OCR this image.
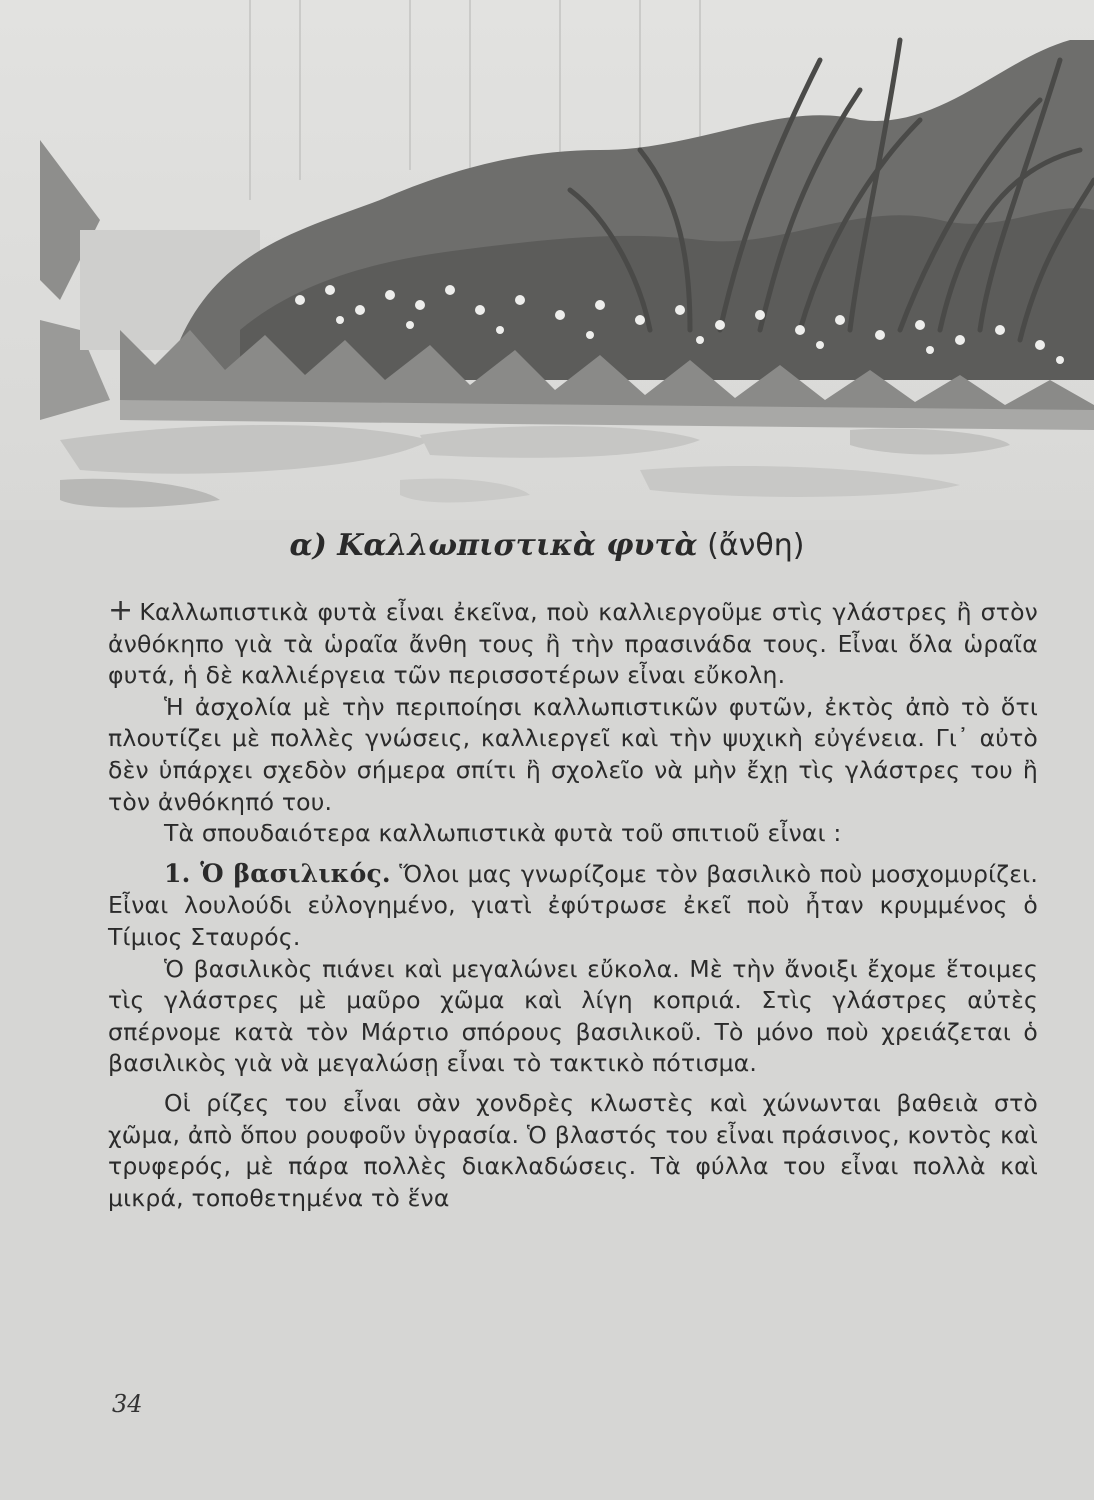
α) Καλλωπιστικὰ φυτὰ (ἄνθη)

+ Καλλωπιστικὰ φυτὰ εἶναι ἐκεῖνα, ποὺ καλλιεργοῦμε στὶς γλάστρες ἢ στὸν ἀνθόκηπο γιὰ τὰ ὡραῖα ἄνθη τους ἢ τὴν πρασινάδα τους. Εἶναι ὅλα ὡραῖα φυτά, ἡ δὲ καλλιέργεια τῶν περισσοτέρων εἶναι εὔκολη.

Ἡ ἀσχολία μὲ τὴν περιποίησι καλλωπιστικῶν φυτῶν, ἐκτὸς ἀπὸ τὸ ὅτι πλουτίζει μὲ πολλὲς γνώσεις, καλλιεργεῖ καὶ τὴν ψυχικὴ εὐγένεια. Γι᾽ αὐτὸ δὲν ὑπάρχει σχεδὸν σήμερα σπίτι ἢ σχολεῖο νὰ μὴν ἔχῃ τὶς γλάστρες του ἢ τὸν ἀνθόκηπό του.

Τὰ σπουδαιότερα καλλωπιστικὰ φυτὰ τοῦ σπιτιοῦ εἶναι :

1. Ὁ βασιλικός. Ὅλοι μας γνωρίζομε τὸν βασιλικὸ ποὺ μοσχομυρίζει. Εἶναι λουλούδι εὐλογημένο, γιατὶ ἐφύτρωσε ἐκεῖ ποὺ ἦταν κρυμμένος ὁ Τίμιος Σταυρός.

Ὁ βασιλικὸς πιάνει καὶ μεγαλώνει εὔκολα. Μὲ τὴν ἄνοιξι ἔχομε ἕτοιμες τὶς γλάστρες μὲ μαῦρο χῶμα καὶ λίγη κοπριά. Στὶς γλάστρες αὐτὲς σπέρνομε κατὰ τὸν Μάρτιο σπόρους βασιλικοῦ. Τὸ μόνο ποὺ χρειάζεται ὁ βασιλικὸς γιὰ νὰ μεγαλώσῃ εἶναι τὸ τακτικὸ πότισμα.

Οἱ ρίζες του εἶναι σὰν χονδρὲς κλωστὲς καὶ χώνωνται βαθειὰ στὸ χῶμα, ἀπὸ ὅπου ρουφοῦν ὑγρασία. Ὁ βλαστός του εἶναι πράσινος, κοντὸς καὶ τρυφερός, μὲ πάρα πολλὲς διακλαδώσεις. Τὰ φύλλα του εἶναι πολλὰ καὶ μικρά, τοποθετημένα τὸ ἕνα

34
